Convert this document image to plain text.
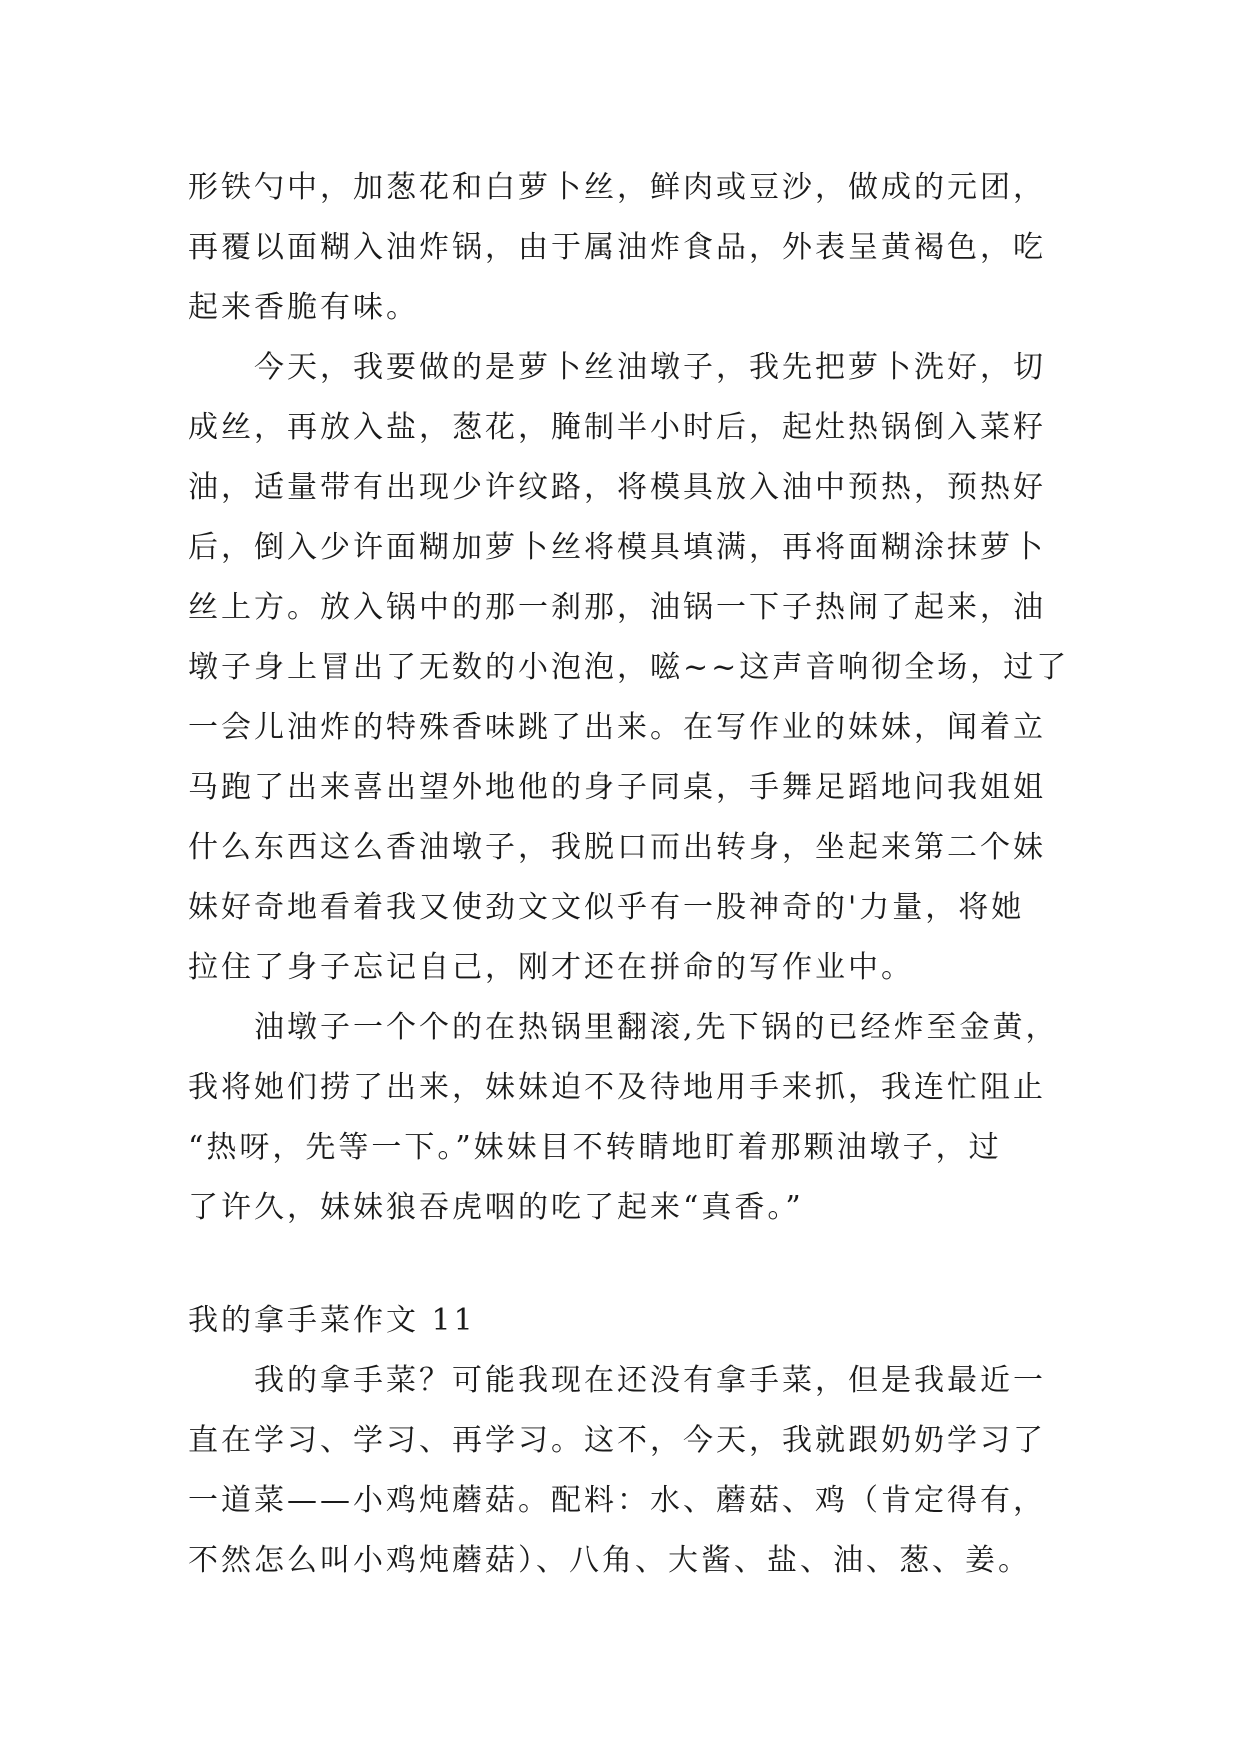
形铁勺中，加葱花和白萝卜丝，鲜肉或豆沙，做成的元团，
再覆以面糊入油炸锅，由于属油炸食品，外表呈黄褐色，吃
起来香脆有味。
今天，我要做的是萝卜丝油墩子，我先把萝卜洗好，切
成丝，再放入盐，葱花，腌制半小时后，起灶热锅倒入菜籽
油，适量带有出现少许纹路，将模具放入油中预热，预热好
后，倒入少许面糊加萝卜丝将模具填满，再将面糊涂抹萝卜
丝上方。放入锅中的那一刹那，油锅一下子热闹了起来，油
墩子身上冒出了无数的小泡泡，嗞~~这声音响彻全场，过了
一会儿油炸的特殊香味跳了出来。在写作业的妹妹，闻着立
马跑了出来喜出望外地他的身子同桌，手舞足蹈地问我姐姐
什么东西这么香油墩子，我脱口而出转身，坐起来第二个妹
妹好奇地看着我又使劲文文似乎有一股神奇的'力量，将她
拉住了身子忘记自己，刚才还在拼命的写作业中。
油墩子一个个的在热锅里翻滚,先下锅的已经炸至金黄，
我将她们捞了出来，妹妹迫不及待地用手来抓，我连忙阻止
“热呀，先等一下。”妹妹目不转睛地盯着那颗油墩子，过
了许久，妹妹狼吞虎咽的吃了起来“真香。”
我的拿手菜作文 11
我的拿手菜？可能我现在还没有拿手菜，但是我最近一
直在学习、学习、再学习。这不，今天，我就跟奶奶学习了
一道菜——小鸡炖蘑菇。配料：水、蘑菇、鸡（肯定得有，
不然怎么叫小鸡炖蘑菇）、八角、大酱、盐、油、葱、姜。
